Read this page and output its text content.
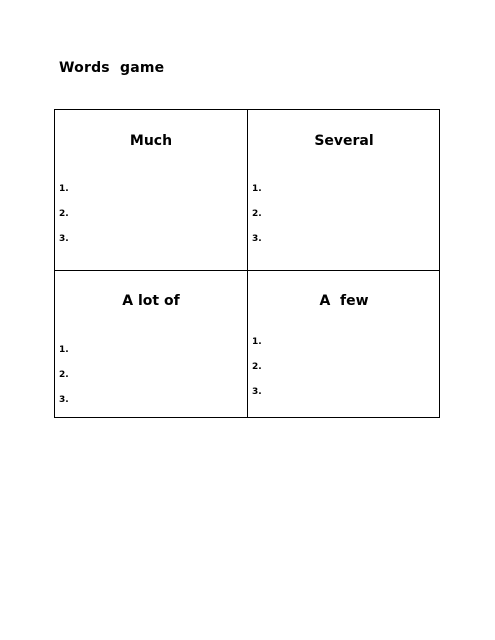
Words  game
Much
1.
2.
3.
Several
1.
2.
3.
A lot of
1.
2.
3.
A  few
1.
2.
3.
